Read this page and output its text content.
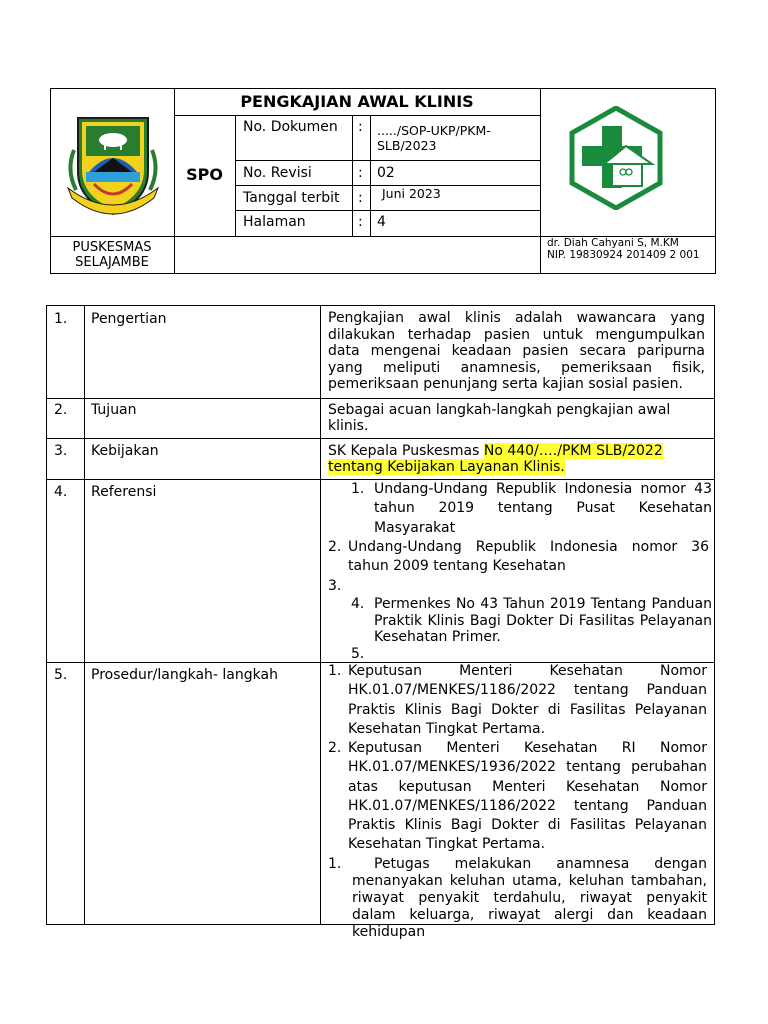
PENGKAJIAN AWAL KLINIS
SPO
No. Dokumen : ...../SOP-UKP/PKM-
SLB/2023
No. Revisi	: 02
Tanggal terbit : Juni 2023
Halaman	: 4
PUSKESMAS
SELAJAMBE
dr. Diah Cahyani S, M.KM
NIP. 19830924 201409 2 001
1. Pengertian	Pengkajian awal klinis adalah wawancara yang dilakukan terhadap pasien untuk mengumpulkan data mengenai keadaan pasien secara paripurna yang meliputi anamnesis, pemeriksaan fisik, pemeriksaan penunjang serta kajian sosial pasien.
2. Tujuan	Sebagai acuan langkah-langkah pengkajian awal
klinis.
3. Kebijakan	SK Kepala Puskesmas No 440/…./PKM SLB/2022
tentang Kebijakan Layanan Klinis.
4. Referensi	1. Undang-Undang Republik Indonesia nomor 43 tahun 2019 tentang Pusat Kesehatan Masyarakat
2. Undang-Undang Republik Indonesia nomor 36 tahun 2009 tentang Kesehatan
3.
4. Permenkes No 43 Tahun 2019 Tentang Panduan Praktik Klinis Bagi Dokter Di Fasilitas Pelayanan Kesehatan Primer.
5.
5. Prosedur/langkah- langkah	1. Keputusan Menteri Kesehatan Nomor HK.01.07/MENKES/1186/2022 tentang Panduan Praktis Klinis Bagi Dokter di Fasilitas Pelayanan Kesehatan Tingkat Pertama.
2. Keputusan Menteri Kesehatan RI Nomor HK.01.07/MENKES/1936/2022 tentang perubahan atas keputusan Menteri Kesehatan Nomor HK.01.07/MENKES/1186/2022 tentang Panduan Praktis Klinis Bagi Dokter di Fasilitas Pelayanan Kesehatan Tingkat Pertama.
1.	Petugas melakukan anamnesa dengan menanyakan keluhan utama, keluhan tambahan, riwayat penyakit terdahulu, riwayat penyakit dalam keluarga, riwayat alergi dan keadaan kehidupan
